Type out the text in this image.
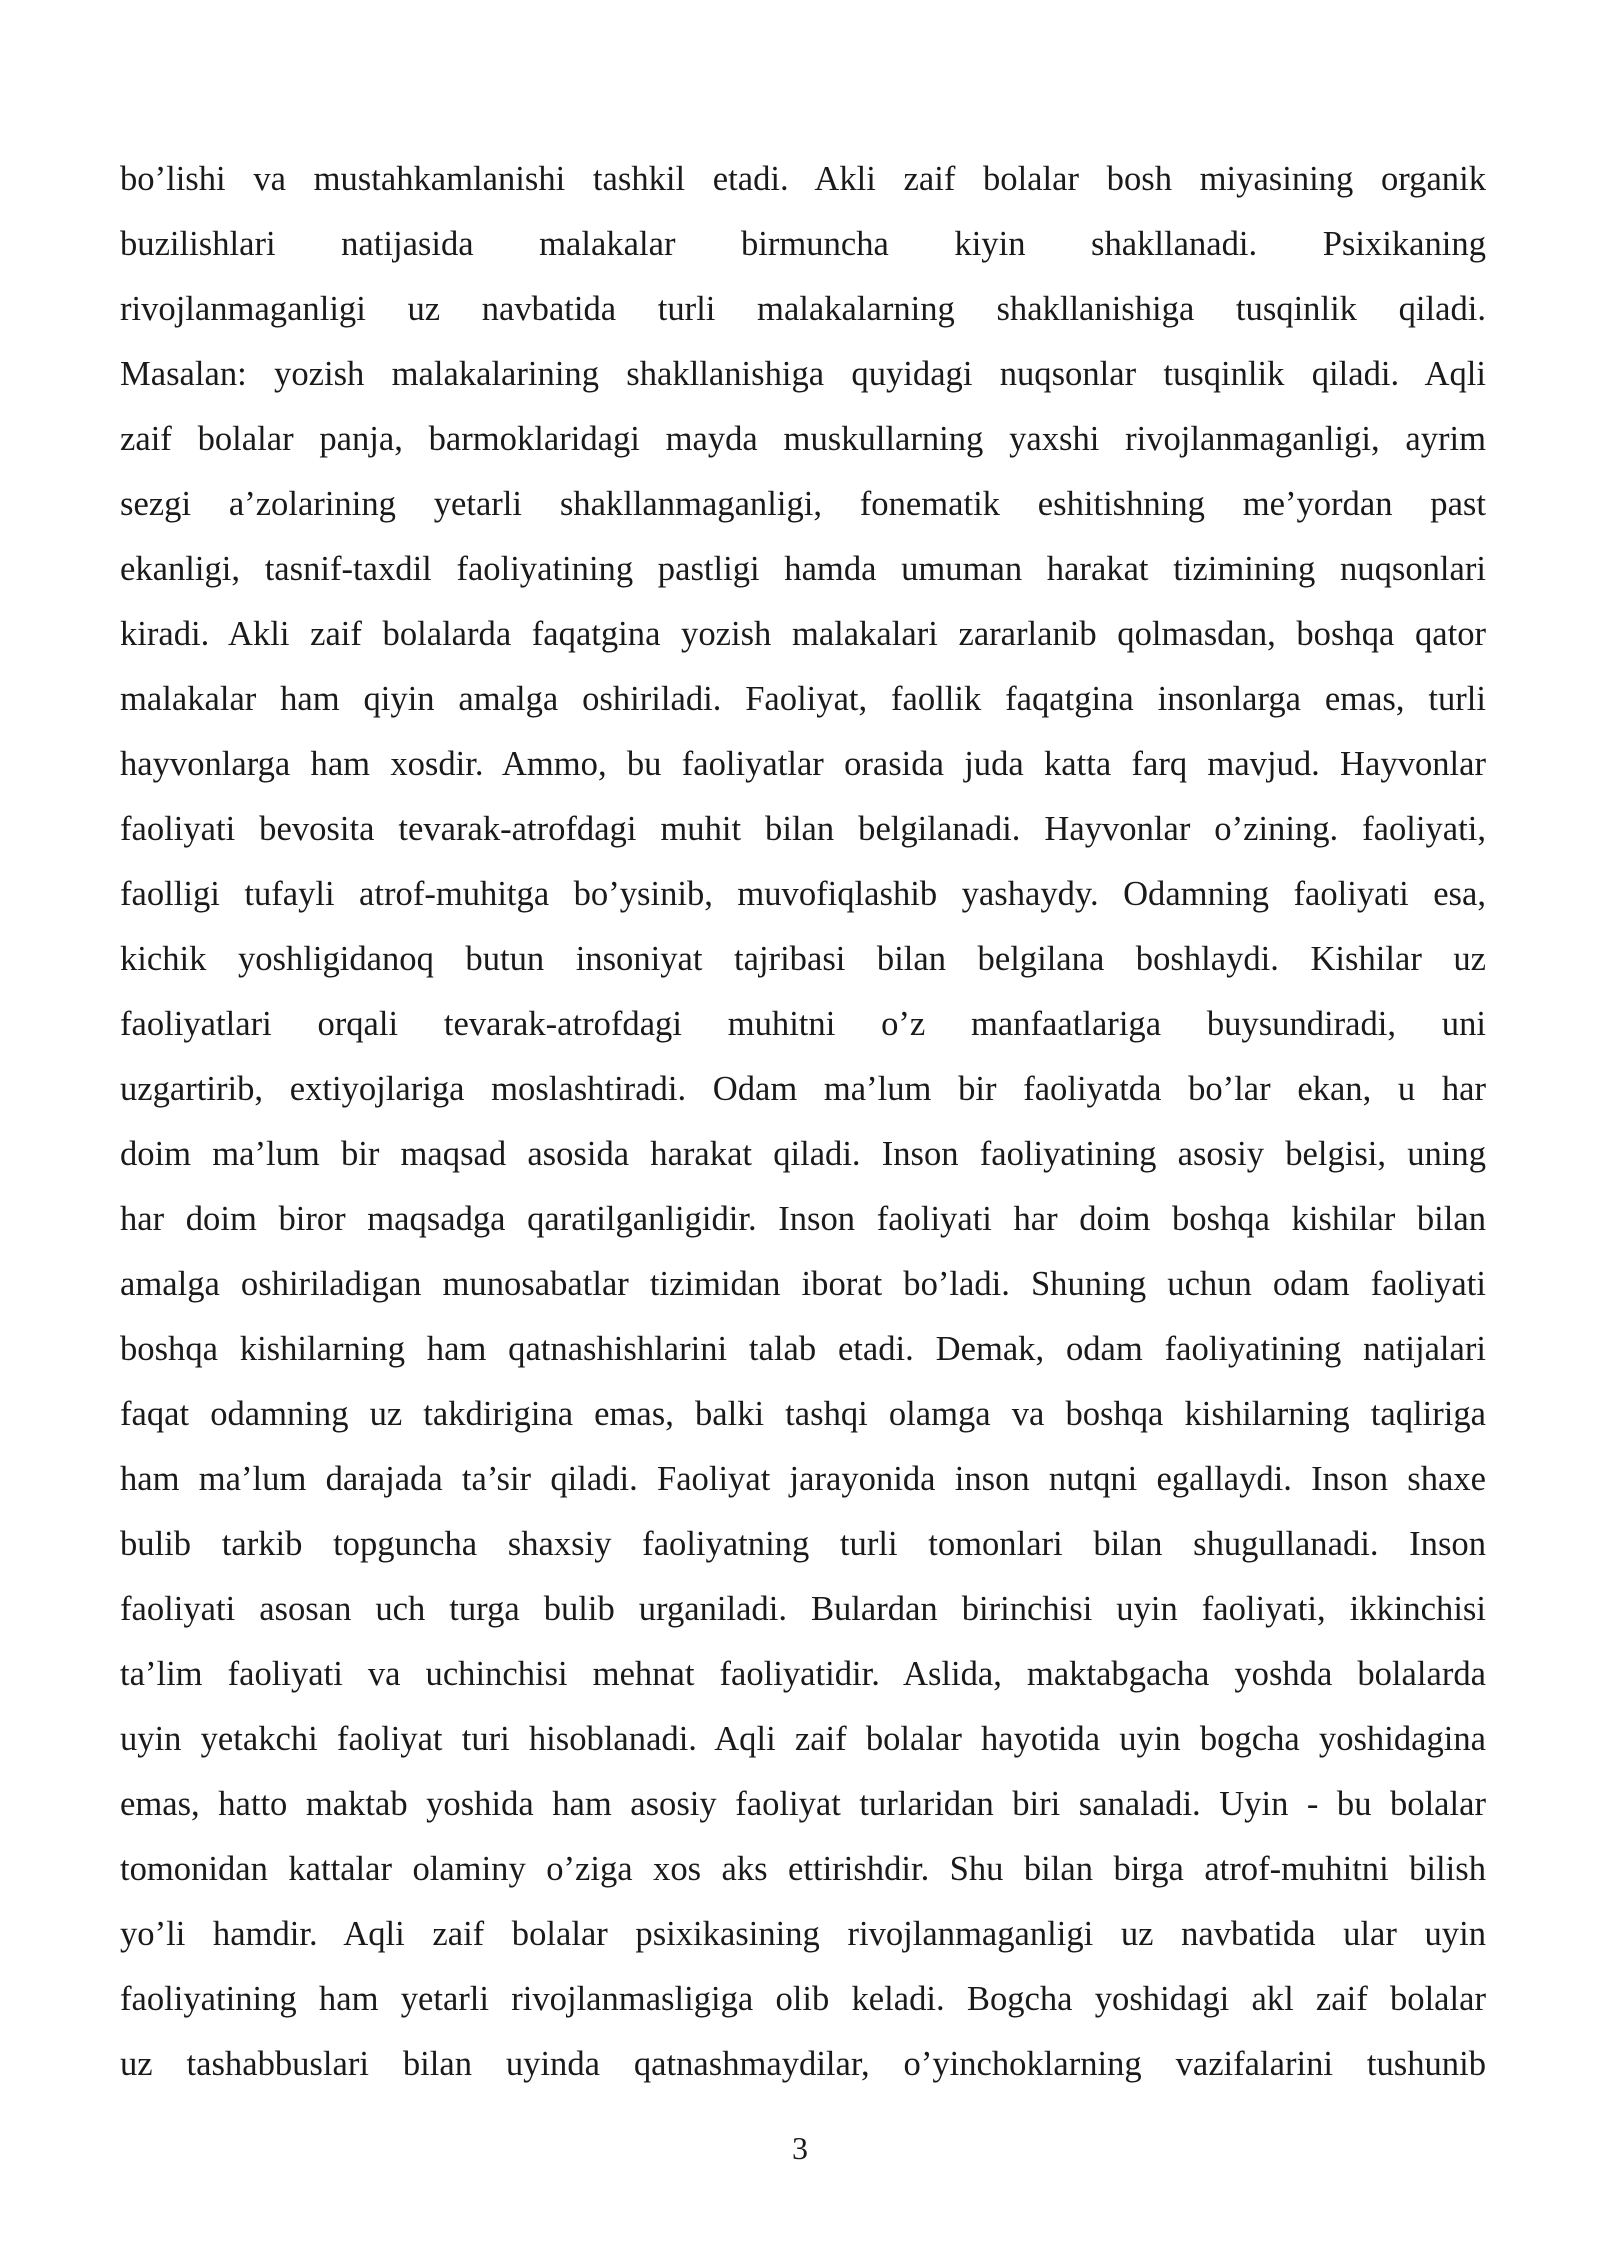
bo’lishi va mustahkamlanishi tashkil etadi. Akli zaif bolalar bosh miyasining organik
buzilishlari natijasida malakalar birmuncha kiyin shakllanadi. Psixikaning
rivojlanmaganligi uz navbatida turli malakalarning shakllanishiga tusqinlik qiladi.
Masalan: yozish malakalarining shakllanishiga quyidagi nuqsonlar tusqinlik qiladi. Aqli
zaif bolalar panja, barmoklaridagi mayda muskullarning yaxshi rivojlanmaganligi, ayrim
sezgi a’zolarining yetarli shakllanmaganligi, fonematik eshitishning me’yordan past
ekanligi, tasnif-taxdil faoliyatining pastligi hamda umuman harakat tizimining nuqsonlari
kiradi. Akli zaif bolalarda faqatgina yozish malakalari zararlanib qolmasdan, boshqa qator
malakalar ham qiyin amalga oshiriladi. Faoliyat, faollik faqatgina insonlarga emas, turli
hayvonlarga ham xosdir. Ammo, bu faoliyatlar orasida juda katta farq mavjud. Hayvonlar
faoliyati bevosita tevarak-atrofdagi muhit bilan belgilanadi. Hayvonlar o’zining. faoliyati,
faolligi tufayli atrof-muhitga bo’ysinib, muvofiqlashib yashaydy. Odamning faoliyati esa,
kichik yoshligidanoq butun insoniyat tajribasi bilan belgilana boshlaydi. Kishilar uz
faoliyatlari orqali tevarak-atrofdagi muhitni o’z manfaatlariga buysundiradi, uni
uzgartirib, extiyojlariga moslashtiradi. Odam ma’lum bir faoliyatda bo’lar ekan, u har
doim ma’lum bir maqsad asosida harakat qiladi. Inson faoliyatining asosiy belgisi, uning
har doim biror maqsadga qaratilganligidir. Inson faoliyati har doim boshqa kishilar bilan
amalga oshiriladigan munosabatlar tizimidan iborat bo’ladi. Shuning uchun odam faoliyati
boshqa kishilarning ham qatnashishlarini talab etadi. Demak, odam faoliyatining natijalari
faqat odamning uz takdirigina emas, balki tashqi olamga va boshqa kishilarning taqliriga
ham ma’lum darajada ta’sir qiladi. Faoliyat jarayonida inson nutqni egallaydi. Inson shaxe
bulib tarkib topguncha shaxsiy faoliyatning turli tomonlari bilan shugullanadi. Inson
faoliyati asosan uch turga bulib urganiladi. Bulardan birinchisi uyin faoliyati, ikkinchisi
ta’lim faoliyati va uchinchisi mehnat faoliyatidir. Aslida, maktabgacha yoshda bolalarda
uyin yetakchi faoliyat turi hisoblanadi. Aqli zaif bolalar hayotida uyin bogcha yoshidagina
emas, hatto maktab yoshida ham asosiy faoliyat turlaridan biri sanaladi. Uyin - bu bolalar
tomonidan kattalar olaminy o’ziga xos aks ettirishdir. Shu bilan birga atrof-muhitni bilish
yo’li hamdir. Aqli zaif bolalar psixikasining rivojlanmaganligi uz navbatida ular uyin
faoliyatining ham yetarli rivojlanmasligiga olib keladi. Bogcha yoshidagi akl zaif bolalar
uz tashabbuslari bilan uyinda qatnashmaydilar, o’yinchoklarning vazifalarini tushunib
3
